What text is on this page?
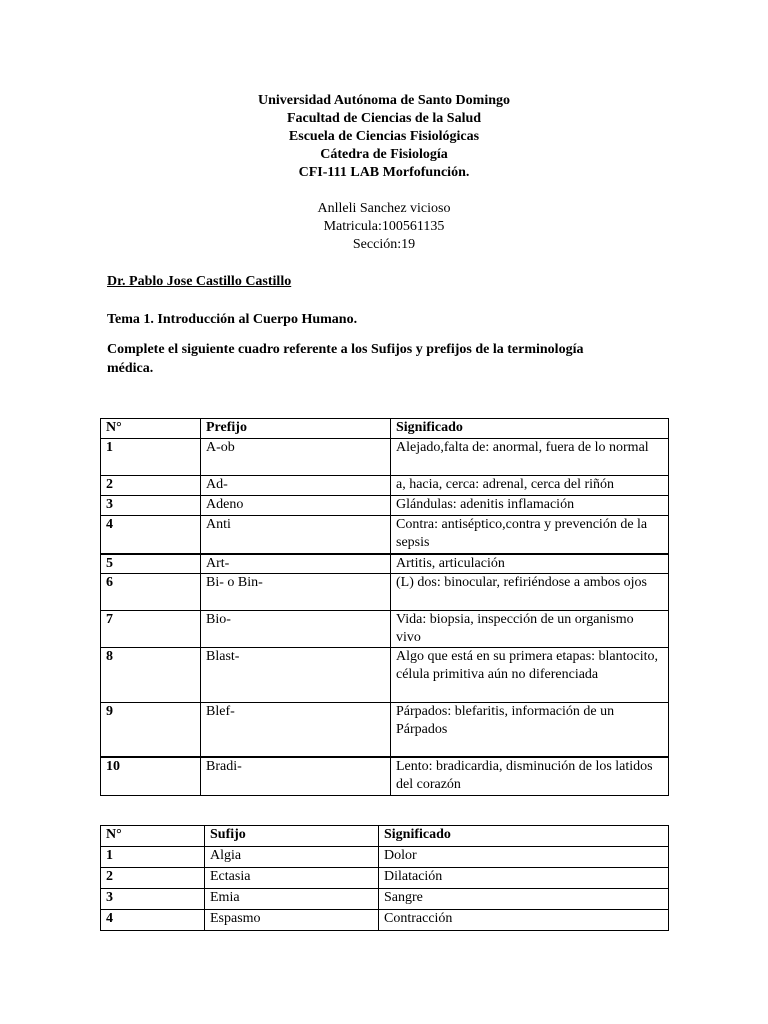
Universidad Autónoma de Santo Domingo
Facultad de Ciencias de la Salud
Escuela de Ciencias Fisiológicas
Cátedra de Fisiología
CFI-111 LAB Morfofunción.
Anlleli Sanchez vicioso
Matricula:100561135
Sección:19
Dr. Pablo Jose Castillo Castillo
Tema 1. Introducción al Cuerpo Humano.
Complete el siguiente cuadro referente a los Sufijos y prefijos de la terminología
médica.
N°	Prefijo	Significado
1	A-ob	Alejado,falta de: anormal, fuera de lo normal
2	Ad-	a, hacia, cerca: adrenal, cerca del riñón
3	Adeno	Glándulas: adenitis inflamación
4	Anti	Contra: antiséptico,contra y prevención de la sepsis
5	Art-	Artitis, articulación
6	Bi- o Bin-	(L) dos: binocular, refiriéndose a ambos ojos
7	Bio-	Vida: biopsia, inspección de un organismo vivo
8	Blast-	Algo que está en su primera etapas: blantocito, célula primitiva aún no diferenciada
9	Blef-	Párpados: blefaritis, información de un Párpados
10	Bradi-	Lento: bradicardia, disminución de los latidos del corazón
N°	Sufijo	Significado
1	Algia	Dolor
2	Ectasia	Dilatación
3	Emia	Sangre
4	Espasmo	Contracción
